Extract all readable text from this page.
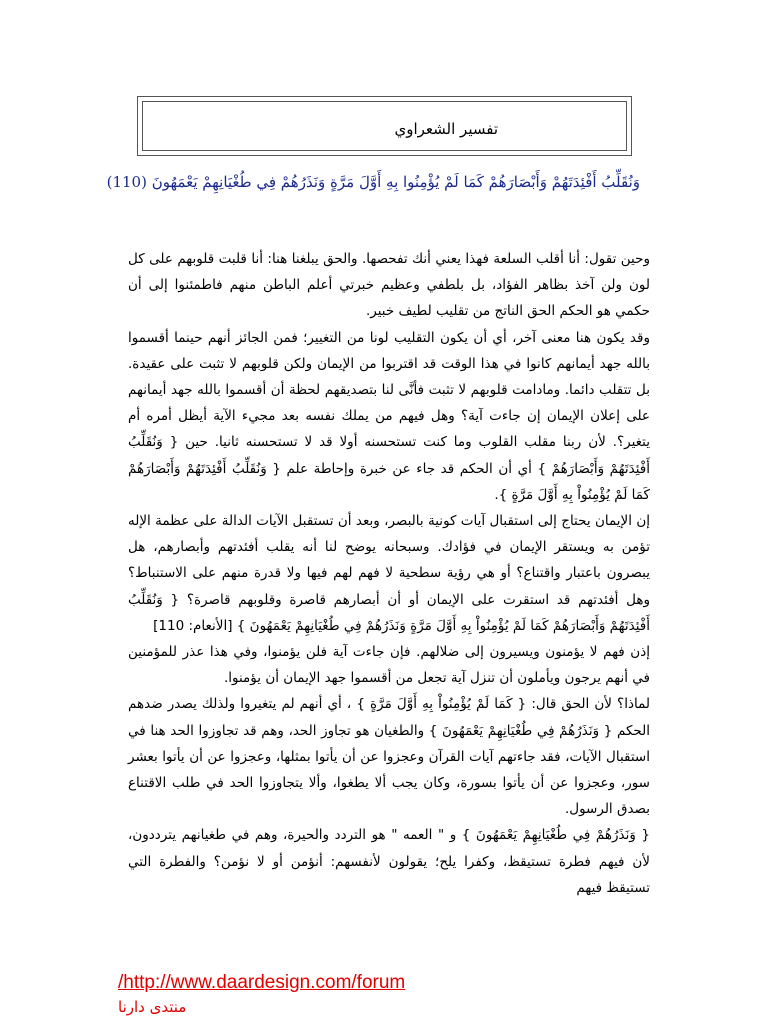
تفسير الشعراوي
وَنُقَلِّبُ أَفْئِدَتَهُمْ وَأَبْصَارَهُمْ كَمَا لَمْ يُؤْمِنُوا بِهِ أَوَّلَ مَرَّةٍ وَنَذَرُهُمْ فِي طُغْيَانِهِمْ يَعْمَهُونَ (110)

وحين تقول: أنا أقلب السلعة فهذا يعني أنك تفحصها. والحق يبلغنا هنا: أنا قلبت قلوبهم على كل لون ولن آخذ بظاهر الفؤاد، بل بلطفي وعظيم خبرتي أعلم الباطن منهم فاطمئنوا إلى أن حكمي هو الحكم الحق الناتج من تقليب لطيف خبير.

وقد يكون هنا معنى آخر، أي أن يكون التقليب لونا من التغيير؛ فمن الجائز أنهم حينما أقسموا بالله جهد أيمانهم كانوا في هذا الوقت قد اقتربوا من الإيمان ولكن قلوبهم لا تثبت على عقيدة. بل تتقلب دائما. ومادامت قلوبهم لا تثبت فأنَّى لنا بتصديقهم لحظة أن أقسموا بالله جهد أيمانهم على إعلان الإيمان إن جاءت آية؟ وهل فيهم من يملك نفسه بعد مجيء الآية أيظل أمره أم يتغير؟. لأن ربنا مقلب القلوب وما كنت تستحسنه أولا قد لا تستحسنه ثانيا. حين { وَنُقَلِّبُ أَفْئِدَتَهُمْ وَأَبْصَارَهُمْ } أي أن الحكم قد جاء عن خبرة وإحاطة علم { وَنُقَلِّبُ أَفْئِدَتَهُمْ وَأَبْصَارَهُمْ كَمَا لَمْ يُؤْمِنُواْ بِهِ أَوَّلَ مَرَّةٍ }.

إن الإيمان يحتاج إلى استقبال آيات كونية بالبصر، وبعد أن تستقبل الآيات الدالة على عظمة الإله تؤمن به ويستقر الإيمان في فؤادك. وسبحانه يوضح لنا أنه يقلب أفئدتهم وأبصارهم، هل يبصرون باعتبار واقتناع؟ أو هي رؤية سطحية لا فهم لهم فيها ولا قدرة منهم على الاستنباط؟ وهل أفئدتهم قد استقرت على الإيمان أو أن أبصارهم قاصرة وقلوبهم قاصرة؟ { وَنُقَلِّبُ أَفْئِدَتَهُمْ وَأَبْصَارَهُمْ كَمَا لَمْ يُؤْمِنُواْ بِهِ أَوَّلَ مَرَّةٍ وَنَذَرُهُمْ فِي طُغْيَانِهِمْ يَعْمَهُونَ } [الأنعام: 110]

إذن فهم لا يؤمنون ويسيرون إلى ضلالهم. فإن جاءت آية فلن يؤمنوا، وفي هذا عذر للمؤمنين في أنهم يرجون ويأملون أن تنزل آية تجعل من أقسموا جهد الإيمان أن يؤمنوا.

لماذا؟ لأن الحق قال: { كَمَا لَمْ يُؤْمِنُواْ بِهِ أَوَّلَ مَرَّةٍ } ، أي أنهم لم يتغيروا ولذلك يصدر ضدهم الحكم { وَنَذَرُهُمْ فِي طُغْيَانِهِمْ يَعْمَهُونَ } والطغيان هو تجاوز الحد، وهم قد تجاوزوا الحد هنا في استقبال الآيات، فقد جاءتهم آيات القرآن وعجزوا عن أن يأتوا بمثلها، وعجزوا عن أن يأتوا بعشر سور، وعجزوا عن أن يأتوا بسورة، وكان يجب ألا يطغوا، وألا يتجاوزوا الحد في طلب الاقتناع بصدق الرسول.

{ وَنَذَرُهُمْ فِي طُغْيَانِهِمْ يَعْمَهُونَ } و " العمه " هو التردد والحيرة، وهم في طغيانهم يترددون، لأن فيهم فطرة تستيقظ، وكفرا يلح؛ يقولون لأنفسهم: أنؤمن أو لا نؤمن؟ والفطرة التي تستيقظ فيهم

/http://www.daardesign.com/forum
منتدى دارنا
